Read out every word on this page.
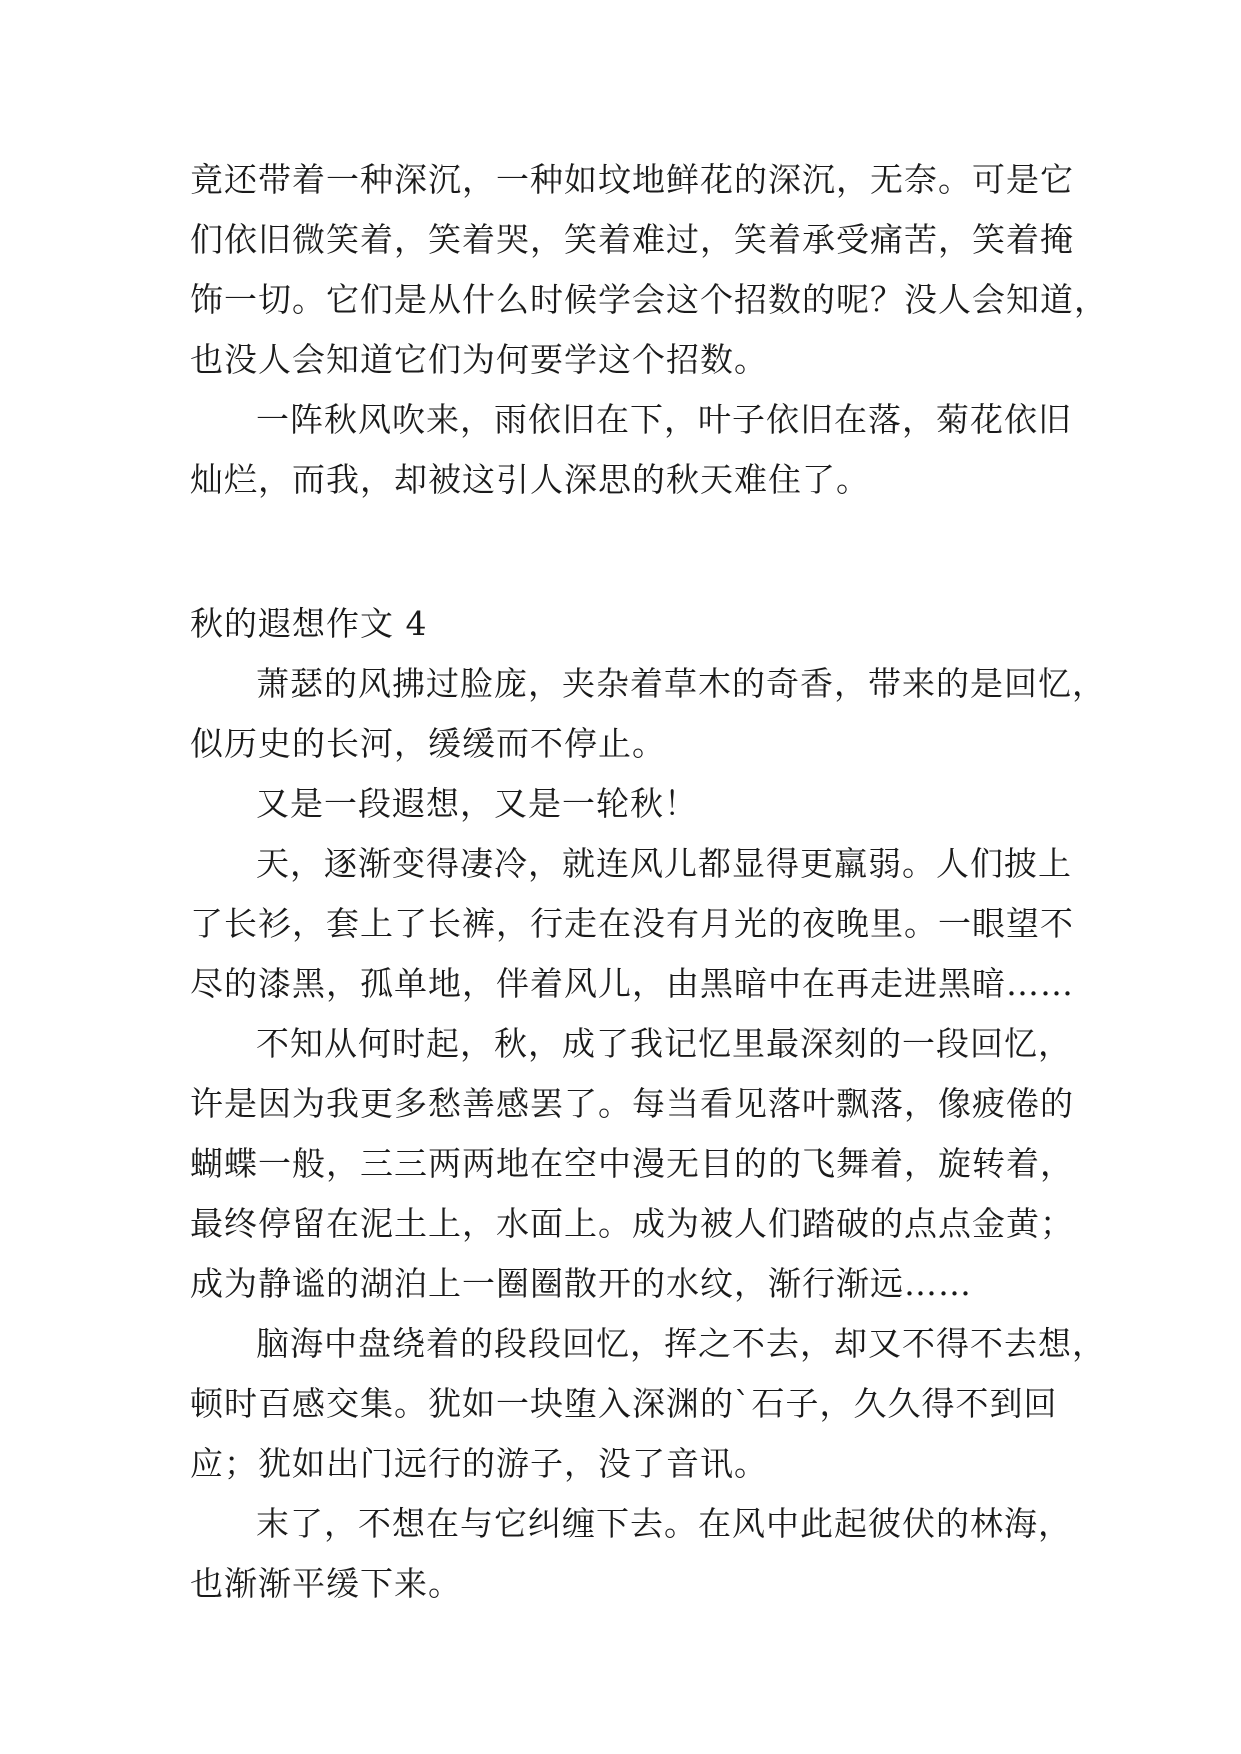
竟还带着一种深沉，一种如坟地鲜花的深沉，无奈。可是它
们依旧微笑着，笑着哭，笑着难过，笑着承受痛苦，笑着掩
饰一切。它们是从什么时候学会这个招数的呢？没人会知道，
也没人会知道它们为何要学这个招数。
一阵秋风吹来，雨依旧在下，叶子依旧在落，菊花依旧
灿烂，而我，却被这引人深思的秋天难住了。
秋的遐想作文 4
萧瑟的风拂过脸庞，夹杂着草木的奇香，带来的是回忆，
似历史的长河，缓缓而不停止。
又是一段遐想，又是一轮秋！
天，逐渐变得凄冷，就连风儿都显得更羸弱。人们披上
了长衫，套上了长裤，行走在没有月光的夜晚里。一眼望不
尽的漆黑，孤单地，伴着风儿，由黑暗中在再走进黑暗……
不知从何时起，秋，成了我记忆里最深刻的一段回忆，
许是因为我更多愁善感罢了。每当看见落叶飘落，像疲倦的
蝴蝶一般，三三两两地在空中漫无目的的飞舞着，旋转着，
最终停留在泥土上，水面上。成为被人们踏破的点点金黄；
成为静谧的湖泊上一圈圈散开的水纹，渐行渐远……
脑海中盘绕着的段段回忆，挥之不去，却又不得不去想，
顿时百感交集。犹如一块堕入深渊的`石子，久久得不到回
应；犹如出门远行的游子，没了音讯。
末了，不想在与它纠缠下去。在风中此起彼伏的林海，
也渐渐平缓下来。
